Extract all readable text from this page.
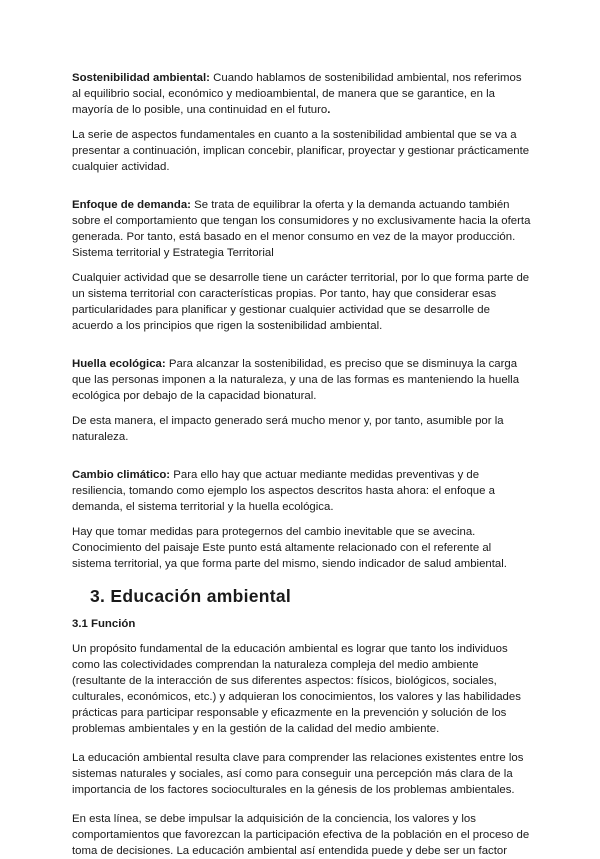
Sostenibilidad ambiental: Cuando hablamos de sostenibilidad ambiental, nos referimos al equilibrio social, económico y medioambiental, de manera que se garantice, en la mayoría de lo posible, una continuidad en el futuro.

La serie de aspectos fundamentales en cuanto a la sostenibilidad ambiental que se va a presentar a continuación, implican concebir, planificar, proyectar y gestionar prácticamente cualquier actividad.

Enfoque de demanda: Se trata de equilibrar la oferta y la demanda actuando también sobre el comportamiento que tengan los consumidores y no exclusivamente hacia la oferta generada. Por tanto, está basado en el menor consumo en vez de la mayor producción. Sistema territorial y Estrategia Territorial

Cualquier actividad que se desarrolle tiene un carácter territorial, por lo que forma parte de un sistema territorial con características propias. Por tanto, hay que considerar esas particularidades para planificar y gestionar cualquier actividad que se desarrolle de acuerdo a los principios que rigen la sostenibilidad ambiental.

Huella ecológica: Para alcanzar la sostenibilidad, es preciso que se disminuya la carga que las personas imponen a la naturaleza, y una de las formas es manteniendo la huella ecológica por debajo de la capacidad bionatural.

De esta manera, el impacto generado será mucho menor y, por tanto, asumible por la naturaleza.

Cambio climático: Para ello hay que actuar mediante medidas preventivas y de resiliencia, tomando como ejemplo los aspectos descritos hasta ahora: el enfoque a demanda, el sistema territorial y la huella ecológica.

Hay que tomar medidas para protegernos del cambio inevitable que se avecina. Conocimiento del paisaje Este punto está altamente relacionado con el referente al sistema territorial, ya que forma parte del mismo, siendo indicador de salud ambiental.

3. Educación ambiental
3.1 Función

Un propósito fundamental de la educación ambiental es lograr que tanto los individuos como las colectividades comprendan la naturaleza compleja del medio ambiente (resultante de la interacción de sus diferentes aspectos: físicos, biológicos, sociales, culturales, económicos, etc.) y adquieran los conocimientos, los valores y las habilidades prácticas para participar responsable y eficazmente en la prevención y solución de los problemas ambientales y en la gestión de la calidad del medio ambiente.

La educación ambiental resulta clave para comprender las relaciones existentes entre los sistemas naturales y sociales, así como para conseguir una percepción más clara de la importancia de los factores socioculturales en la génesis de los problemas ambientales.

En esta línea, se debe impulsar la adquisición de la conciencia, los valores y los comportamientos que favorezcan la participación efectiva de la población en el proceso de toma de decisiones. La educación ambiental así entendida puede y debe ser un factor
